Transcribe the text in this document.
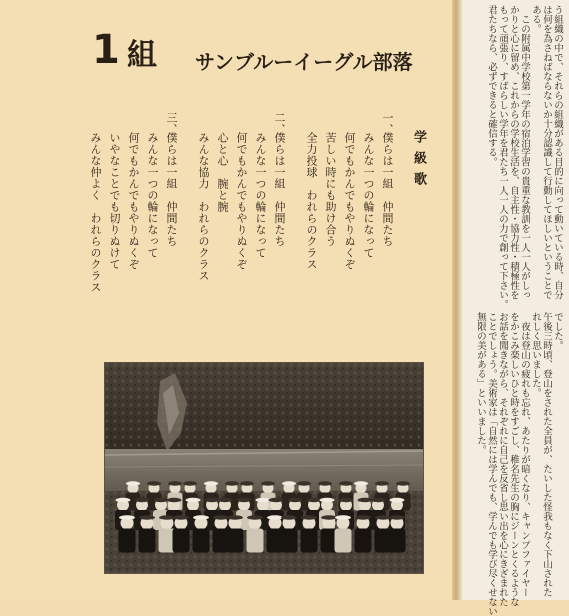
1 組 サンブルーイーグル部落
学級歌
一、
僕らは一組　仲間たち
みんな一つの輪になって
何でもかんでもやりぬくぞ
苦しい時にも助け合う
全力投球　われらのクラス
二、
僕らは一組　仲間たち
みんな一つの輪になって
何でもかんでもやりぬくぞ
心と心　腕と腕
みんな協力　われらのクラス
三、
僕らは一組　仲間たち
みんな一つの輪になって
何でもかんでもやりぬくぞ
いやなことでも切りぬけて
みんな仲よく　われらのクラス	う組織の中で、それらの組織がある目的に向って動いている時、自分
は何を為さねばならないか十分認識して行動してほしいということで
ある。
　この附属中学校第一学年の宿泊学習の貴重な教訓を一人一人がしっ
かりと心に留め、これからの学校生活を、自主性・協力性・積極性を
もって頑張り、すばらしい学年を君たち一人一人の力で創って下さい。
君たちなら、必ずできると確信する。
でした。
午後三時頃、登山をされた全員が、たいした怪我もなく下山された
れしく思いました。
　夜は登山の疲れも忘れ、あたりが暗くなり、キャンプファイヤー
をかこみ楽しいひと時をすごし、稚名先生の胸にジーンとくるような
お話を聞きながら、それぞれに自己を反省し思い出を心にきざまれた
ことでしょう。美術家は「自然には学んでも、学んでも学び尽くせない
無限の美がある」といいました。
